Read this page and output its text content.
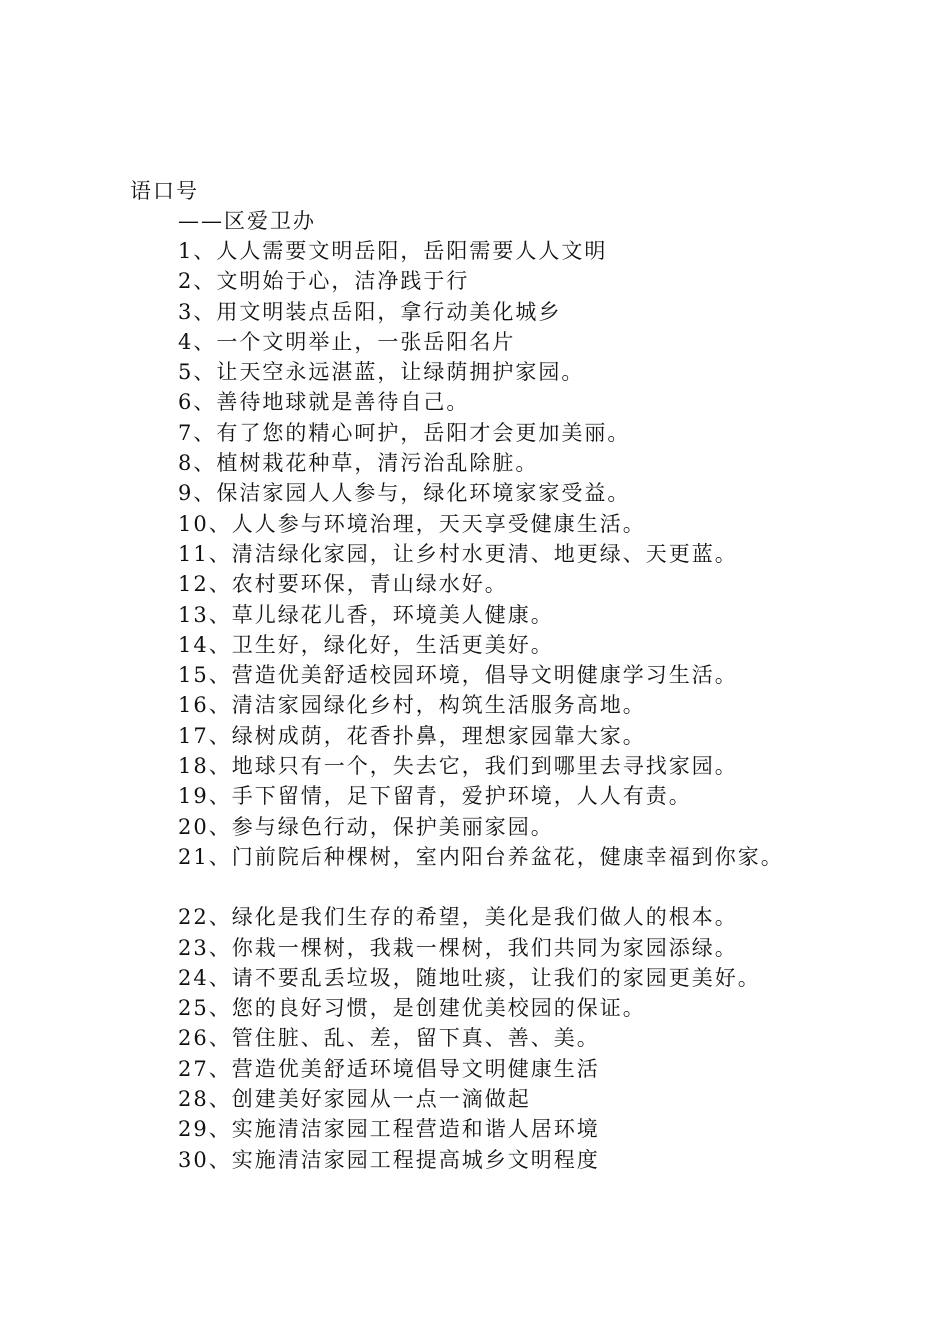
语口号
——区爱卫办
1、人人需要文明岳阳，岳阳需要人人文明
2、文明始于心，洁净践于行
3、用文明装点岳阳，拿行动美化城乡
4、一个文明举止，一张岳阳名片
5、让天空永远湛蓝，让绿荫拥护家园。
6、善待地球就是善待自己。
7、有了您的精心呵护，岳阳才会更加美丽。
8、植树栽花种草，清污治乱除脏。
9、保洁家园人人参与，绿化环境家家受益。
10、人人参与环境治理，天天享受健康生活。
11、清洁绿化家园，让乡村水更清、地更绿、天更蓝。
12、农村要环保，青山绿水好。
13、草儿绿花儿香，环境美人健康。
14、卫生好，绿化好，生活更美好。
15、营造优美舒适校园环境，倡导文明健康学习生活。
16、清洁家园绿化乡村，构筑生活服务高地。
17、绿树成荫，花香扑鼻，理想家园靠大家。
18、地球只有一个，失去它，我们到哪里去寻找家园。
19、手下留情，足下留青，爱护环境，人人有责。
20、参与绿色行动，保护美丽家园。
21、门前院后种棵树，室内阳台养盆花，健康幸福到你家。
22、绿化是我们生存的希望，美化是我们做人的根本。
23、你栽一棵树，我栽一棵树，我们共同为家园添绿。
24、请不要乱丢垃圾，随地吐痰，让我们的家园更美好。
25、您的良好习惯，是创建优美校园的保证。
26、管住脏、乱、差，留下真、善、美。
27、营造优美舒适环境倡导文明健康生活
28、创建美好家园从一点一滴做起
29、实施清洁家园工程营造和谐人居环境
30、实施清洁家园工程提高城乡文明程度
